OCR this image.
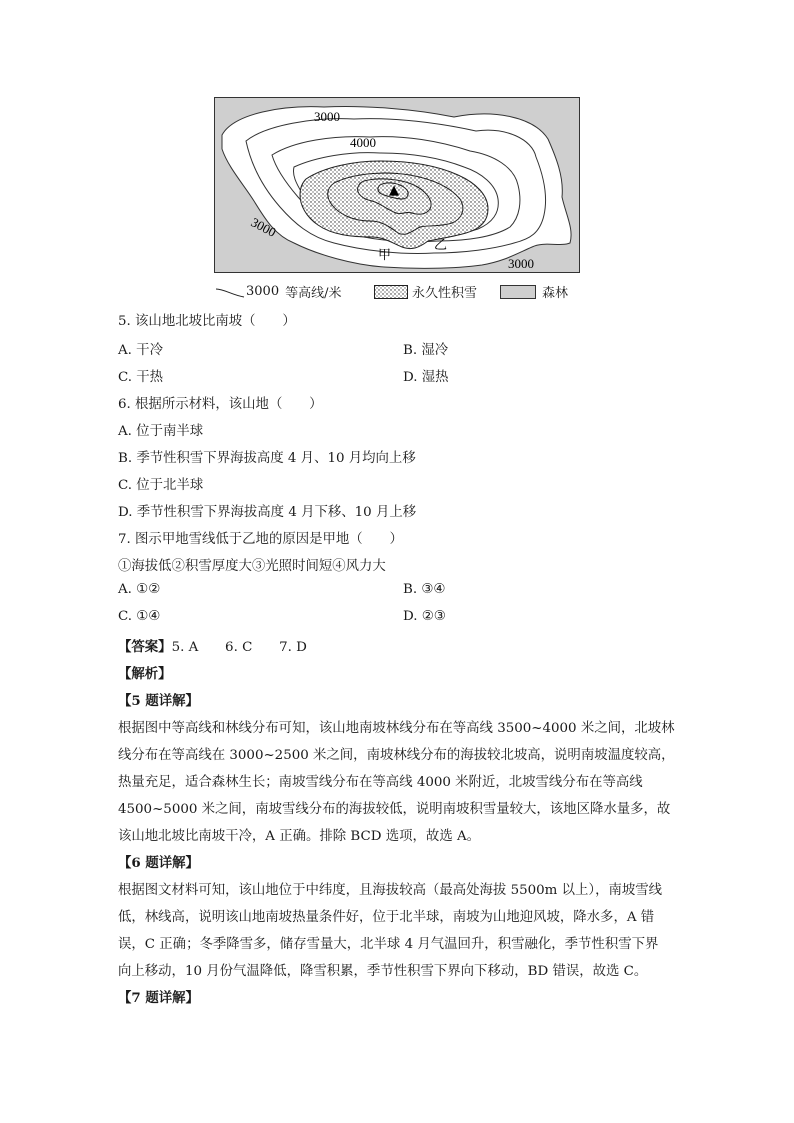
▲
3000
4000
3000
3000
甲
乙
3000 等高线/米	永久性积雪	森林
5. 该山地北坡比南坡（　　）
A. 干冷	B. 湿冷
C. 干热	D. 湿热
6. 根据所示材料，该山地（　　）
A. 位于南半球
B. 季节性积雪下界海拔高度 4 月、10 月均向上移
C. 位于北半球
D. 季节性积雪下界海拔高度 4 月下移、10 月上移
7. 图示甲地雪线低于乙地的原因是甲地（　　）
①海拔低②积雪厚度大③光照时间短④风力大
A. ①②	B. ③④
C. ①④	D. ②③
【答案】5. A　　6. C　　7. D
【解析】
【5 题详解】
根据图中等高线和林线分布可知，该山地南坡林线分布在等高线 3500~4000 米之间，北坡林
线分布在等高线在 3000~2500 米之间，南坡林线分布的海拔较北坡高，说明南坡温度较高，
热量充足，适合森林生长；南坡雪线分布在等高线 4000 米附近，北坡雪线分布在等高线
4500~5000 米之间，南坡雪线分布的海拔较低，说明南坡积雪量较大，该地区降水量多，故
该山地北坡比南坡干冷，A 正确。排除 BCD 选项，故选 A。
【6 题详解】
根据图文材料可知，该山地位于中纬度，且海拔较高（最高处海拔 5500m 以上），南坡雪线
低，林线高，说明该山地南坡热量条件好，位于北半球，南坡为山地迎风坡，降水多，A 错
误，C 正确；冬季降雪多，储存雪量大，北半球 4 月气温回升，积雪融化，季节性积雪下界
向上移动，10 月份气温降低，降雪积累，季节性积雪下界向下移动，BD 错误，故选 C。
【7 题详解】
